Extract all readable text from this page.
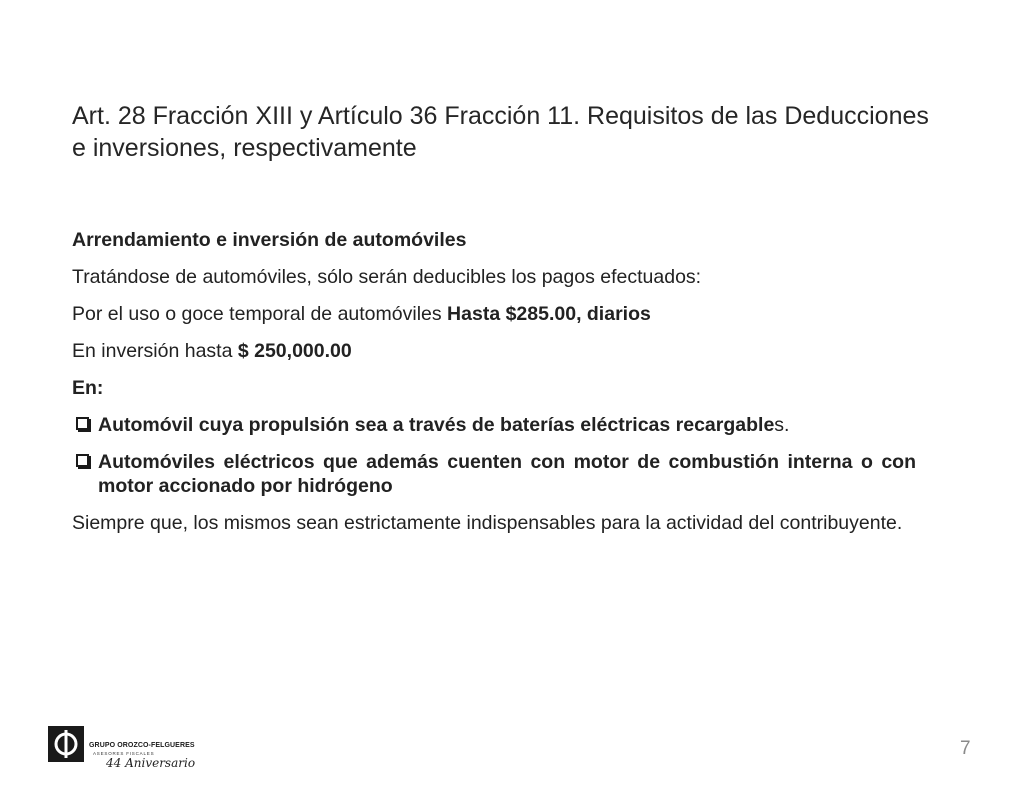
Art. 28 Fracción XIII y Artículo 36 Fracción 11. Requisitos de las Deducciones e inversiones, respectivamente

Arrendamiento e inversión de automóviles

Tratándose de automóviles, sólo serán deducibles los pagos efectuados:

Por el uso o goce temporal de automóviles Hasta $285.00, diarios

En inversión hasta $ 250,000.00

En:

Automóvil cuya propulsión sea a través de baterías eléctricas recargables.

Automóviles eléctricos que además cuenten con motor de combustión interna o con motor accionado por hidrógeno

Siempre que, los mismos sean estrictamente indispensables para la actividad del contribuyente.

GRUPO OROZCO-FELGUERES
ASESORES FISCALES
44 Aniversario
7
